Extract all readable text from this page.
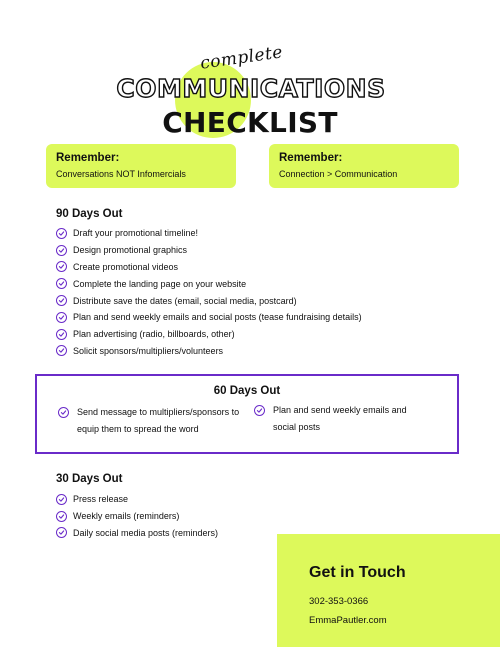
complete
COMMUNICATIONS
CHECKLIST
Remember:
Conversations NOT Infomercials
Remember:
Connection > Communication
90 Days Out
Draft your promotional timeline!
Design promotional graphics
Create promotional videos
Complete the landing page on your website
Distribute save the dates (email, social media, postcard)
Plan and send weekly emails and social posts (tease fundraising details)
Plan advertising (radio, billboards, other)
Solicit sponsors/multipliers/volunteers
60 Days Out
Send message to multipliers/sponsors to
equip them to spread the word
Plan and send weekly emails and
social posts
30 Days Out
Press release
Weekly emails (reminders)
Daily social media posts (reminders)
Get in Touch
302-353-0366
EmmaPautler.com
